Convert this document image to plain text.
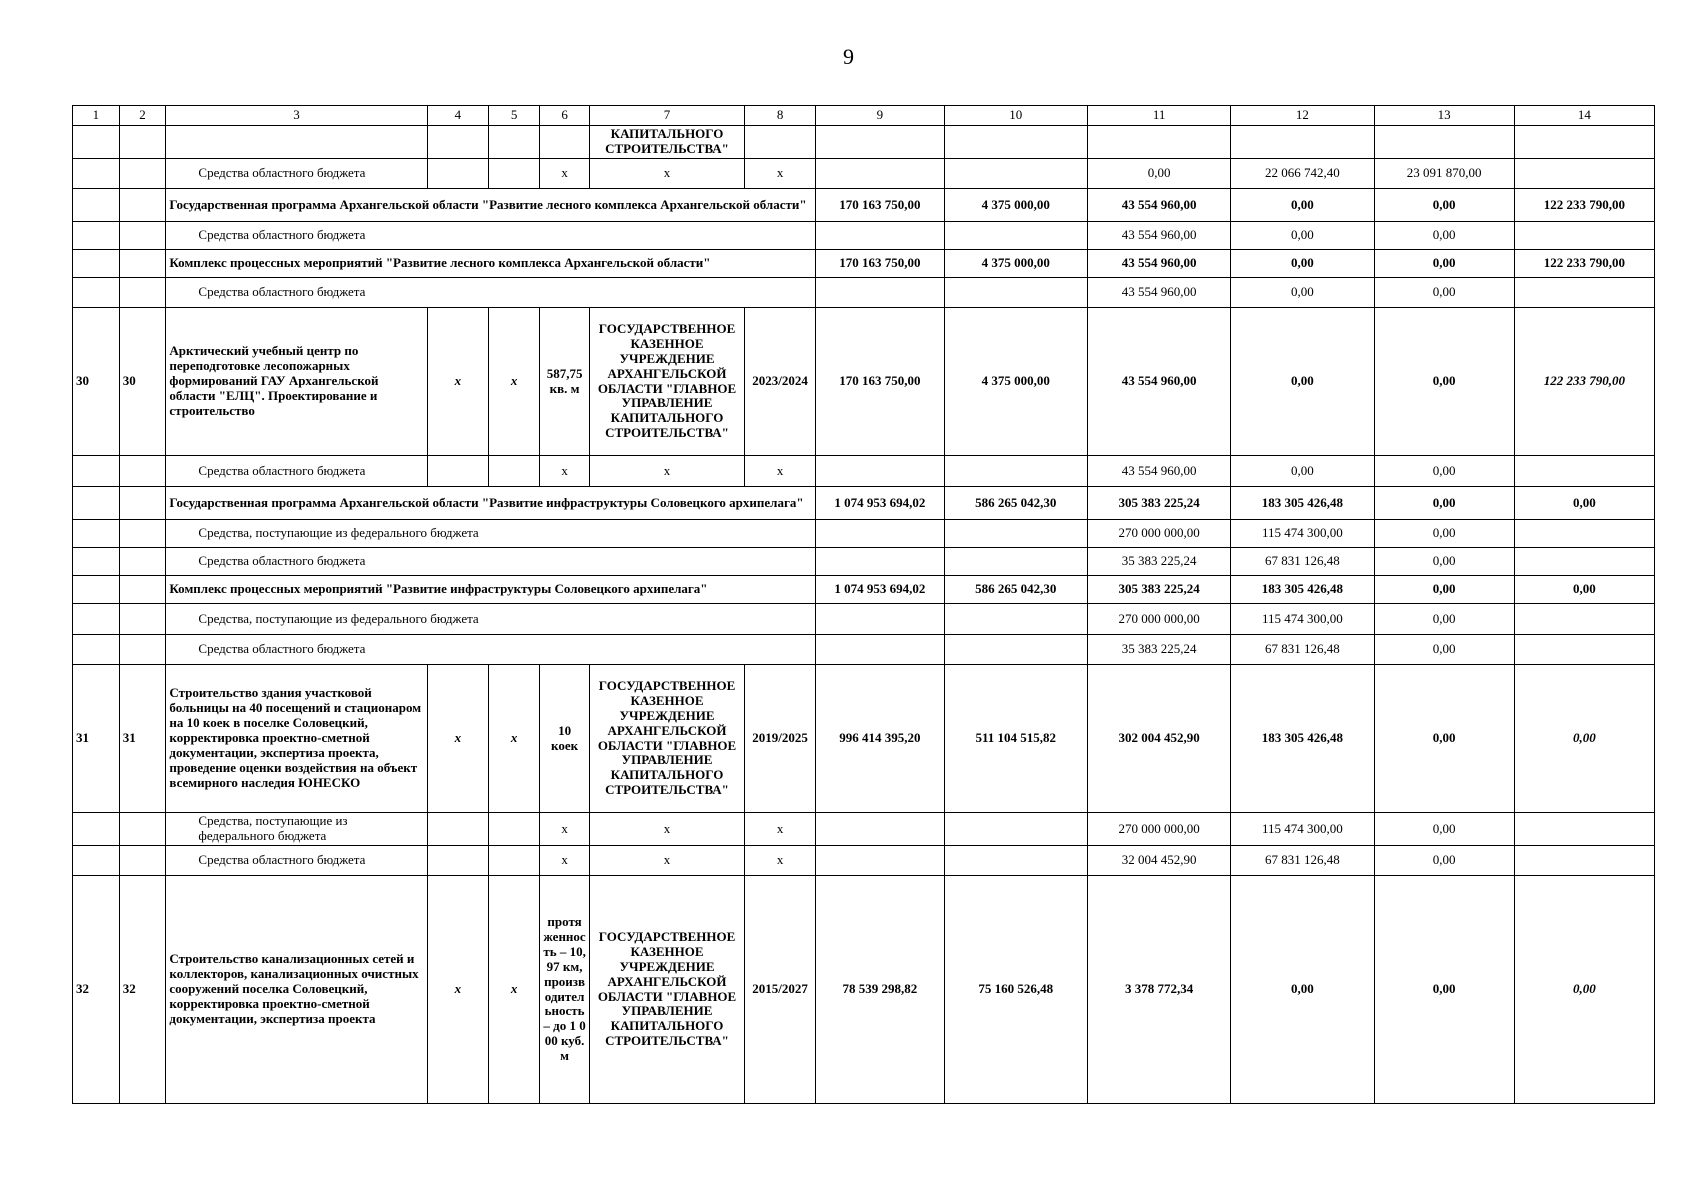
9
1	2	3	4	5	6	7	8	9	10	11	12	13	14
						КАПИТАЛЬНОГО СТРОИТЕЛЬСТВА"							
		Средства областного бюджета			х	х	х			0,00	22 066 742,40	23 091 870,00	
		Государственная программа Архангельской области "Развитие лесного комплекса Архангельской области"						170 163 750,00	4 375 000,00	43 554 960,00	0,00	0,00	122 233 790,00
		Средства областного бюджета								43 554 960,00	0,00	0,00	
		Комплекс процессных мероприятий "Развитие лесного комплекса Архангельской области"						170 163 750,00	4 375 000,00	43 554 960,00	0,00	0,00	122 233 790,00
		Средства областного бюджета								43 554 960,00	0,00	0,00	
30	30	Арктический учебный центр по переподготовке лесопожарных формирований ГАУ Архангельской области "ЕЛЦ". Проектирование и строительство	х	х	587,75 кв. м	ГОСУДАРСТВЕННОЕ КАЗЕННОЕ УЧРЕЖДЕНИЕ АРХАНГЕЛЬСКОЙ ОБЛАСТИ "ГЛАВНОЕ УПРАВЛЕНИЕ КАПИТАЛЬНОГО СТРОИТЕЛЬСТВА"	2023/2024	170 163 750,00	4 375 000,00	43 554 960,00	0,00	0,00	122 233 790,00
		Средства областного бюджета			х	х	х			43 554 960,00	0,00	0,00	
		Государственная программа Архангельской области "Развитие инфраструктуры Соловецкого архипелага"						1 074 953 694,02	586 265 042,30	305 383 225,24	183 305 426,48	0,00	0,00
		Средства, поступающие из федерального бюджета								270 000 000,00	115 474 300,00	0,00	
		Средства областного бюджета								35 383 225,24	67 831 126,48	0,00	
		Комплекс процессных мероприятий "Развитие инфраструктуры Соловецкого архипелага"						1 074 953 694,02	586 265 042,30	305 383 225,24	183 305 426,48	0,00	0,00
		Средства, поступающие из федерального бюджета								270 000 000,00	115 474 300,00	0,00	
		Средства областного бюджета								35 383 225,24	67 831 126,48	0,00	
31	31	Строительство здания участковой больницы на 40 посещений и стационаром на 10 коек в поселке Соловецкий, корректировка проектно-сметной документации, экспертиза проекта, проведение оценки воздействия на объект всемирного наследия ЮНЕСКО	х	х	10 коек	ГОСУДАРСТВЕННОЕ КАЗЕННОЕ УЧРЕЖДЕНИЕ АРХАНГЕЛЬСКОЙ ОБЛАСТИ "ГЛАВНОЕ УПРАВЛЕНИЕ КАПИТАЛЬНОГО СТРОИТЕЛЬСТВА"	2019/2025	996 414 395,20	511 104 515,82	302 004 452,90	183 305 426,48	0,00	0,00
		Средства, поступающие из федерального бюджета			х	х	х			270 000 000,00	115 474 300,00	0,00	
		Средства областного бюджета			х	х	х			32 004 452,90	67 831 126,48	0,00	
32	32	Строительство канализационных сетей и коллекторов, канализационных очистных сооружений поселка Соловецкий, корректировка проектно-сметной документации, экспертиза проекта	х	х	протяженность – 10,97 км, производительность – до 1 000 куб. м	ГОСУДАРСТВЕННОЕ КАЗЕННОЕ УЧРЕЖДЕНИЕ АРХАНГЕЛЬСКОЙ ОБЛАСТИ "ГЛАВНОЕ УПРАВЛЕНИЕ КАПИТАЛЬНОГО СТРОИТЕЛЬСТВА"	2015/2027	78 539 298,82	75 160 526,48	3 378 772,34	0,00	0,00	0,00
